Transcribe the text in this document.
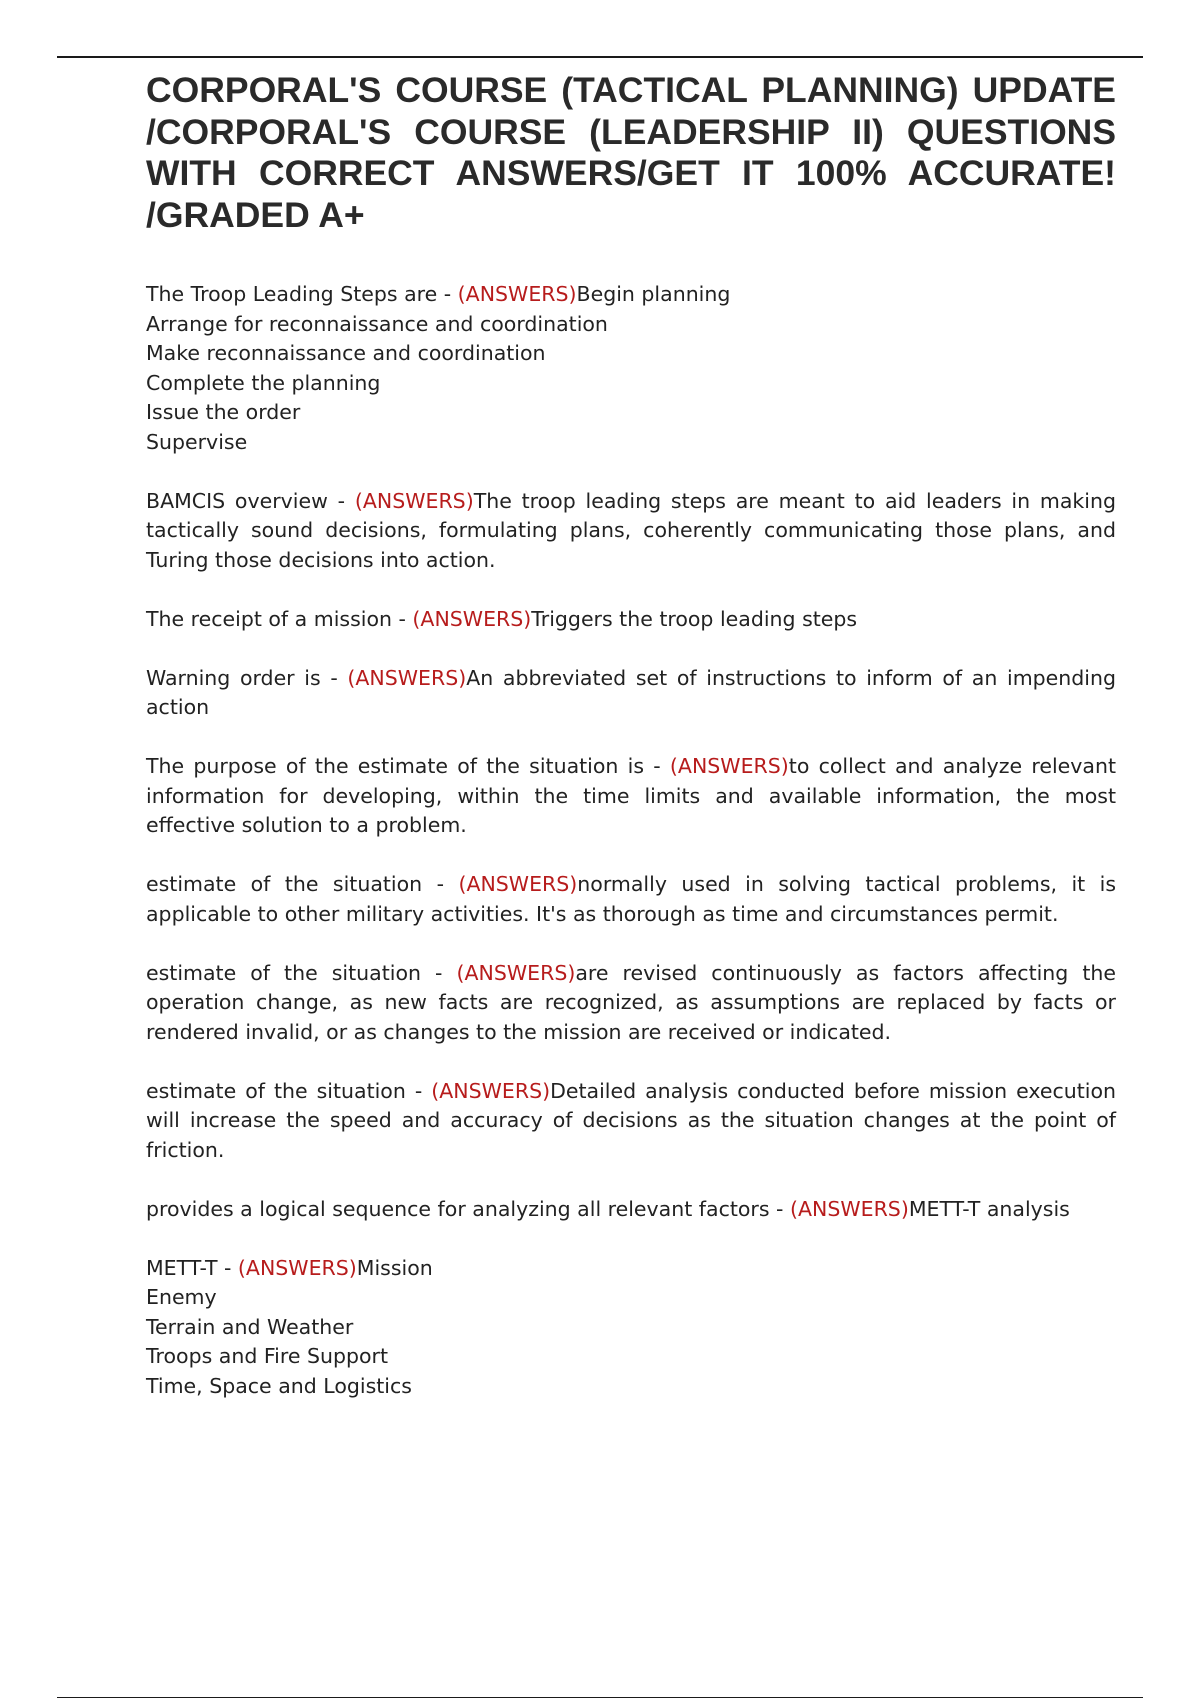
CORPORAL'S COURSE (TACTICAL PLANNING) UPDATE /CORPORAL'S COURSE (LEADERSHIP II) QUESTIONS WITH CORRECT ANSWERS/GET IT 100% ACCURATE! /GRADED A+

The Troop Leading Steps are - (ANSWERS)Begin planning
Arrange for reconnaissance and coordination
Make reconnaissance and coordination
Complete the planning
Issue the order
Supervise

BAMCIS overview - (ANSWERS)The troop leading steps are meant to aid leaders in making tactically sound decisions, formulating plans, coherently communicating those plans, and Turing those decisions into action.

The receipt of a mission - (ANSWERS)Triggers the troop leading steps

Warning order is - (ANSWERS)An abbreviated set of instructions to inform of an impending action

The purpose of the estimate of the situation is - (ANSWERS)to collect and analyze relevant information for developing, within the time limits and available information, the most effective solution to a problem.

estimate of the situation - (ANSWERS)normally used in solving tactical problems, it is applicable to other military activities. It's as thorough as time and circumstances permit.

estimate of the situation - (ANSWERS)are revised continuously as factors affecting the operation change, as new facts are recognized, as assumptions are replaced by facts or rendered invalid, or as changes to the mission are received or indicated.

estimate of the situation - (ANSWERS)Detailed analysis conducted before mission execution will increase the speed and accuracy of decisions as the situation changes at the point of friction.

provides a logical sequence for analyzing all relevant factors - (ANSWERS)METT-T analysis

METT-T - (ANSWERS)Mission
Enemy
Terrain and Weather
Troops and Fire Support
Time, Space and Logistics
